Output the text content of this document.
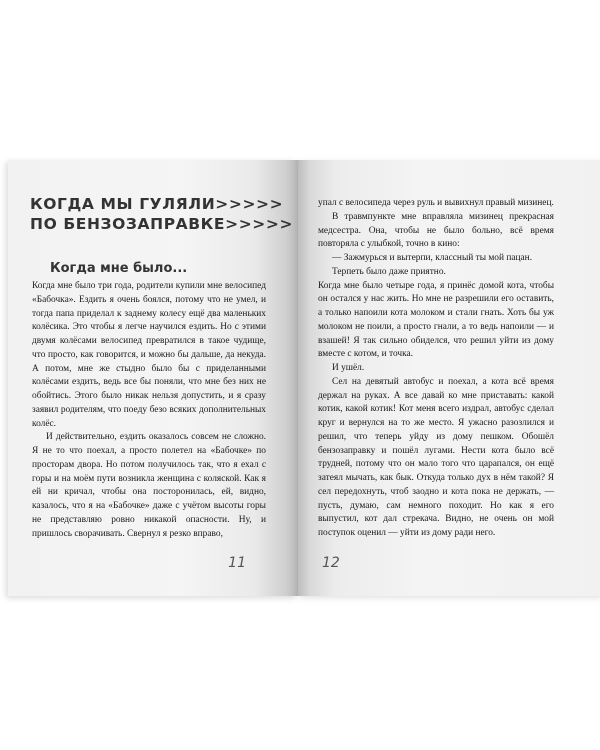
КОГДА МЫ ГУЛЯЛИ>>>>>
ПО БЕНЗОЗАПРАВКЕ>>>>>
Когда мне было...

Когда мне было три года, родители купили мне велосипед «Бабочка». Ездить я очень боялся, потому что не умел, и тогда папа приделал к заднему колесу ещё два маленьких колёсика. Это чтобы я легче научился ездить. Но с этими двумя колёсами велосипед превратился в такое чудище, что просто, как говорится, и можно бы дальше, да некуда. А потом, мне же стыдно было бы с приделанными колёсами ездить, ведь все бы поняли, что мне без них не обойтись. Этого было никак нельзя допустить, и я сразу заявил родителям, что поеду безо всяких дополнительных колёс.

И действительно, ездить оказалось совсем не сложно. Я не то что поехал, а просто полетел на «Бабочке» по просторам двора. Но потом получилось так, что я ехал с горы и на моём пути возникла женщина с коляской. Как я ей ни кричал, чтобы она посторонилась, ей, видно, казалось, что я на «Бабочке» даже с учётом высоты горы не представляю ровно никакой опасности. Ну, и пришлось сворачивать. Свернул я резко вправо,

11

упал с велосипеда через руль и вывихнул правый мизинец.

В травмпункте мне вправляла мизинец прекрасная медсестра. Она, чтобы не было больно, всё время повторяла с улыбкой, точно в кино:

— Зажмурься и вытерпи, классный ты мой пацан.

Терпеть было даже приятно.

Когда мне было четыре года, я принёс домой кота, чтобы он остался у нас жить. Но мне не разрешили его оставить, а только напоили кота молоком и стали гнать. Хоть бы уж молоком не поили, а просто гнали, а то ведь напоили — и взашей! Я так сильно обиделся, что решил уйти из дому вместе с котом, и точка.

И ушёл.

Сел на девятый автобус и поехал, а кота всё время держал на руках. А все давай ко мне приставать: какой котик, какой котик! Кот меня всего издрал, автобус сделал круг и вернулся на то же место. Я ужасно разозлился и решил, что теперь уйду из дому пешком. Обошёл бензозаправку и пошёл лугами. Нести кота было всё трудней, потому что он мало того что царапался, он ещё затеял мычать, как бык. Откуда только дух в нём такой? Я сел передохнуть, чтоб заодно и кота пока не держать, — пусть, думаю, сам немного походит. Но как я его выпустил, кот дал стрекача. Видно, не очень он мой поступок оценил — уйти из дому ради него.

12
